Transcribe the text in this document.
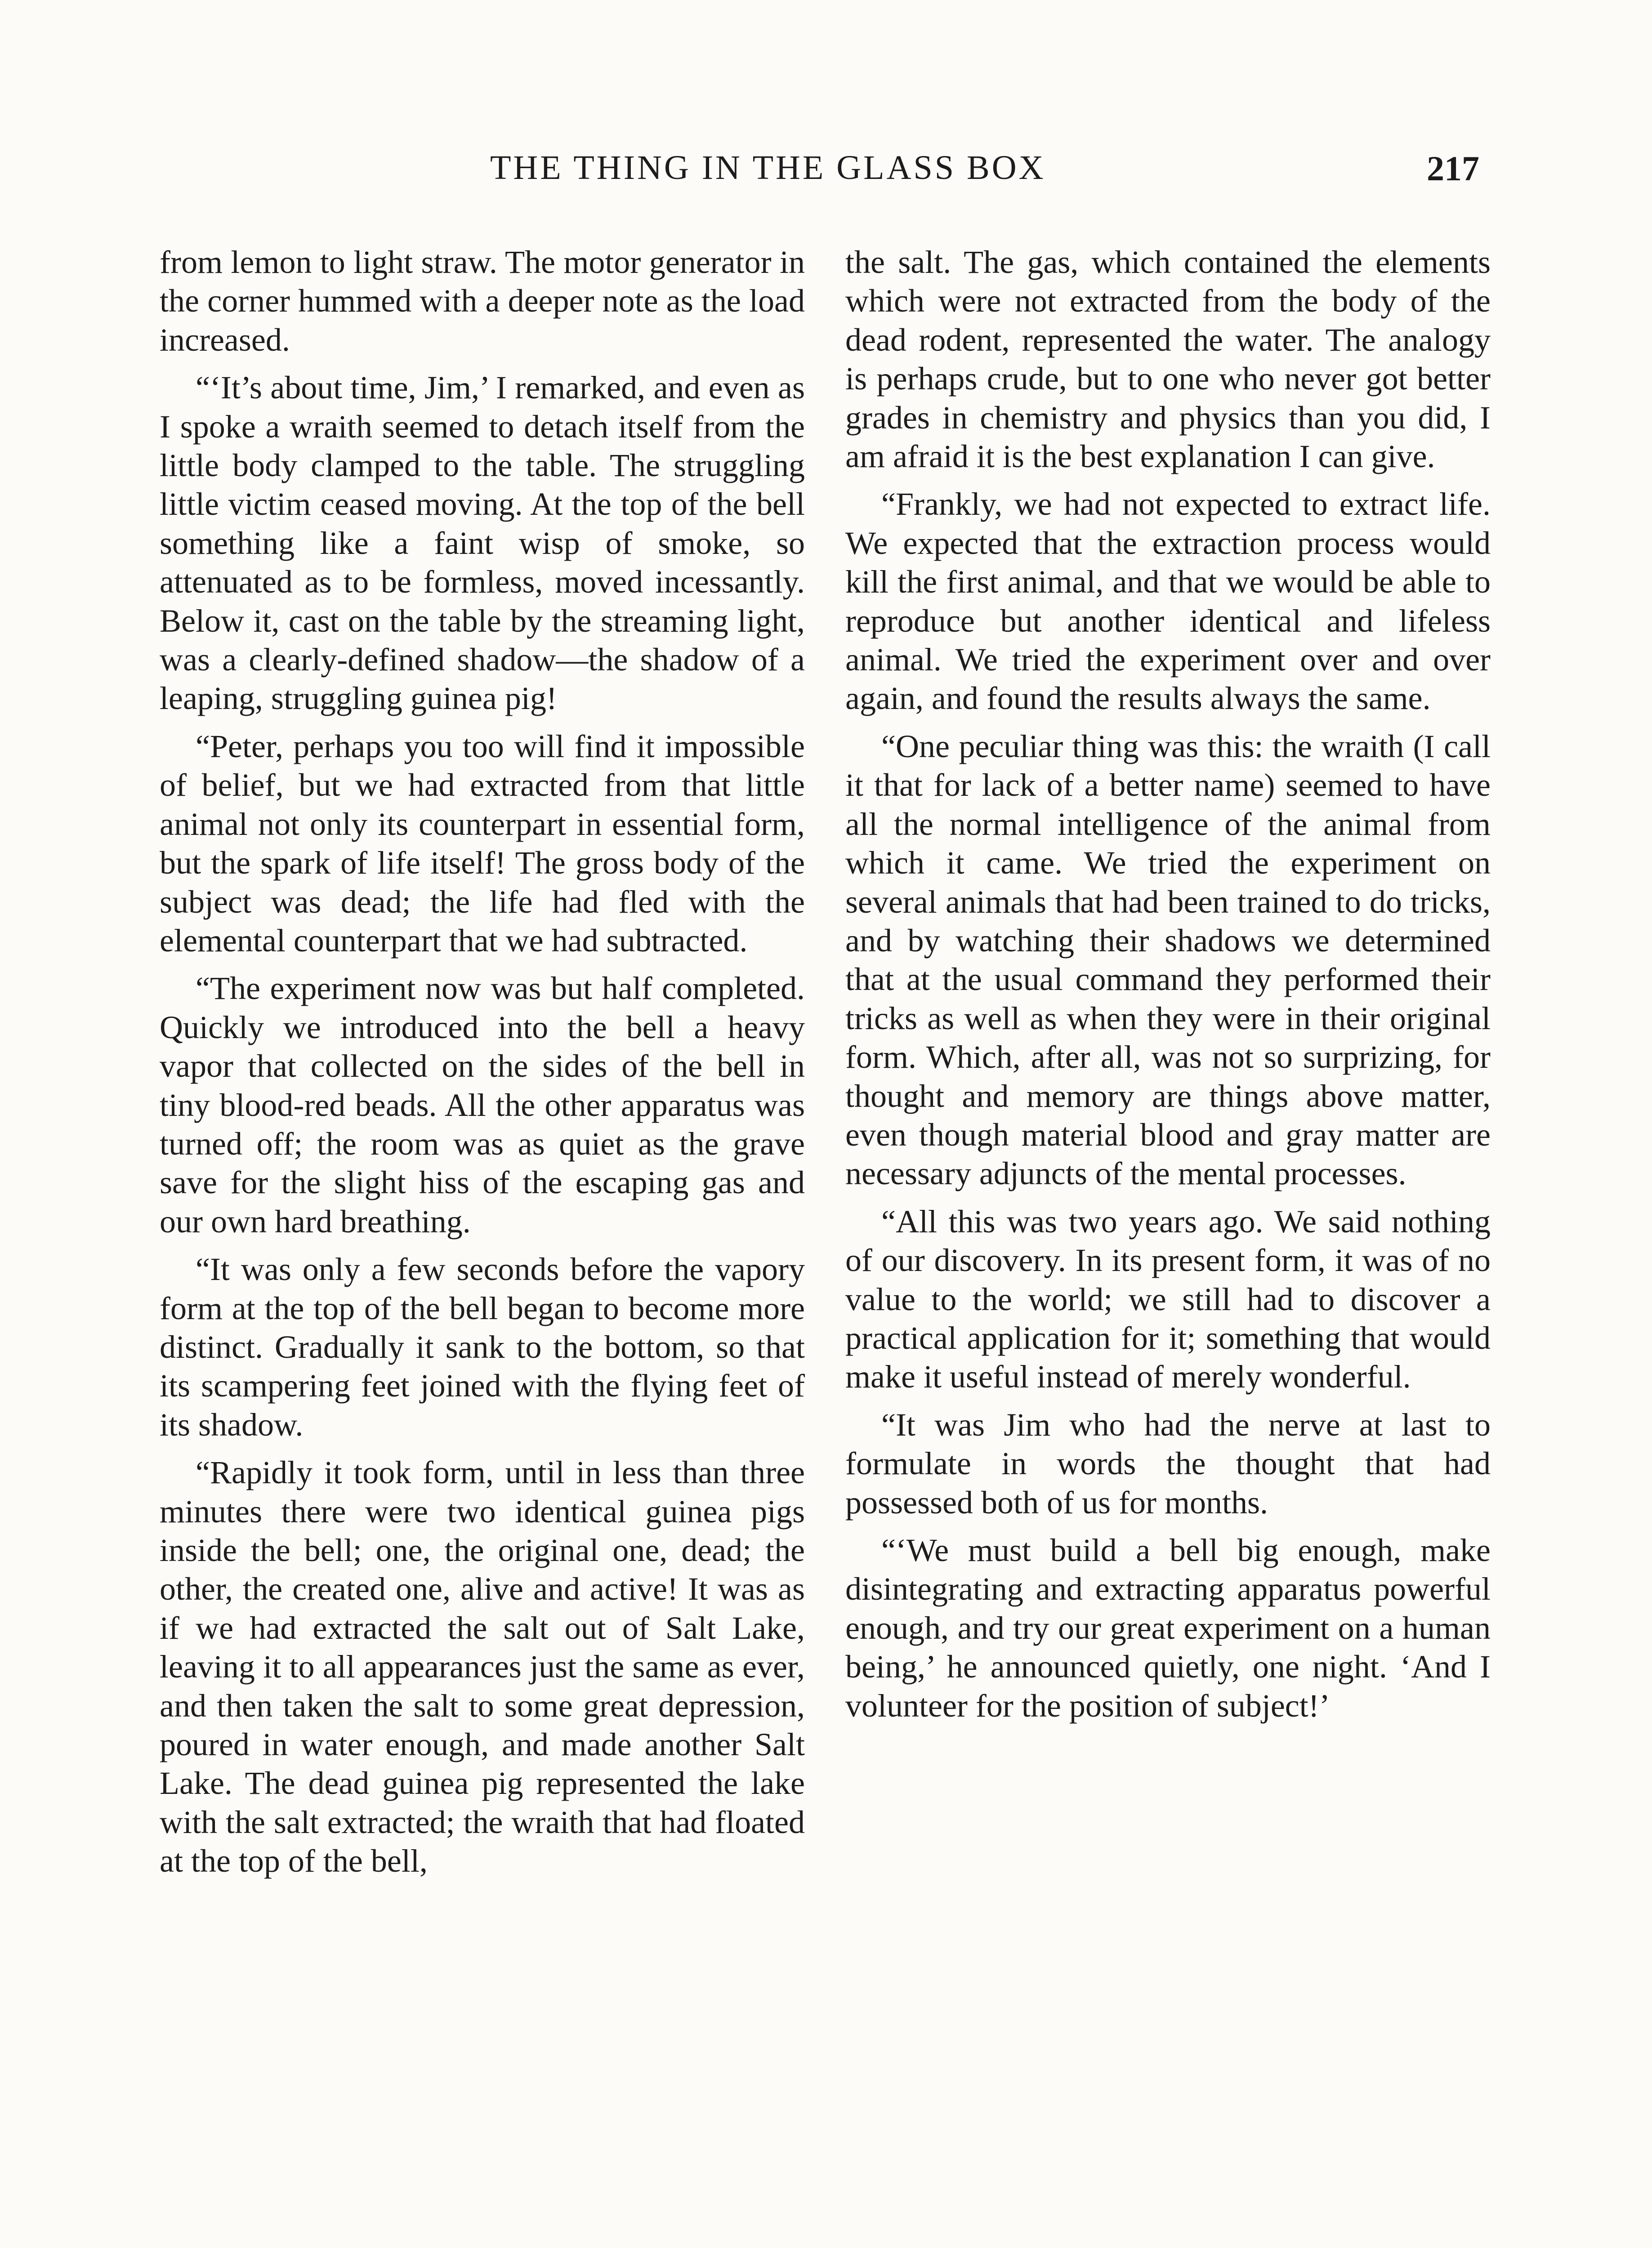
THE THING IN THE GLASS BOX	217

from lemon to light straw. The motor generator in the corner hummed with a deeper note as the load increased.

“‘It’s about time, Jim,’ I remarked, and even as I spoke a wraith seemed to detach itself from the little body clamped to the table. The struggling little victim ceased moving. At the top of the bell something like a faint wisp of smoke, so attenuated as to be formless, moved incessantly. Below it, cast on the table by the streaming light, was a clearly-defined shadow—the shadow of a leaping, struggling guinea pig!

“Peter, perhaps you too will find it impossible of belief, but we had extracted from that little animal not only its counterpart in essential form, but the spark of life itself! The gross body of the subject was dead; the life had fled with the elemental counterpart that we had subtracted.

“The experiment now was but half completed. Quickly we introduced into the bell a heavy vapor that collected on the sides of the bell in tiny blood-red beads. All the other apparatus was turned off; the room was as quiet as the grave save for the slight hiss of the escaping gas and our own hard breathing.

“It was only a few seconds before the vapory form at the top of the bell began to become more distinct. Gradually it sank to the bottom, so that its scampering feet joined with the flying feet of its shadow.

“Rapidly it took form, until in less than three minutes there were two identical guinea pigs inside the bell; one, the original one, dead; the other, the created one, alive and active! It was as if we had extracted the salt out of Salt Lake, leaving it to all appearances just the same as ever, and then taken the salt to some great depression, poured in water enough, and made another Salt Lake. The dead guinea pig represented the lake with the salt extracted; the wraith that had floated at the top of the bell,

the salt. The gas, which contained the elements which were not extracted from the body of the dead rodent, represented the water. The analogy is perhaps crude, but to one who never got better grades in chemistry and physics than you did, I am afraid it is the best explanation I can give.

“Frankly, we had not expected to extract life. We expected that the extraction process would kill the first animal, and that we would be able to reproduce but another identical and lifeless animal. We tried the experiment over and over again, and found the results always the same.

“One peculiar thing was this: the wraith (I call it that for lack of a better name) seemed to have all the normal intelligence of the animal from which it came. We tried the experiment on several animals that had been trained to do tricks, and by watching their shadows we determined that at the usual command they performed their tricks as well as when they were in their original form. Which, after all, was not so surprizing, for thought and memory are things above matter, even though material blood and gray matter are necessary adjuncts of the mental processes.

“All this was two years ago. We said nothing of our discovery. In its present form, it was of no value to the world; we still had to discover a practical application for it; something that would make it useful instead of merely wonderful.

“It was Jim who had the nerve at last to formulate in words the thought that had possessed both of us for months.

“‘We must build a bell big enough, make disintegrating and extracting apparatus powerful enough, and try our great experiment on a human being,’ he announced quietly, one night. ‘And I volunteer for the position of subject!’
